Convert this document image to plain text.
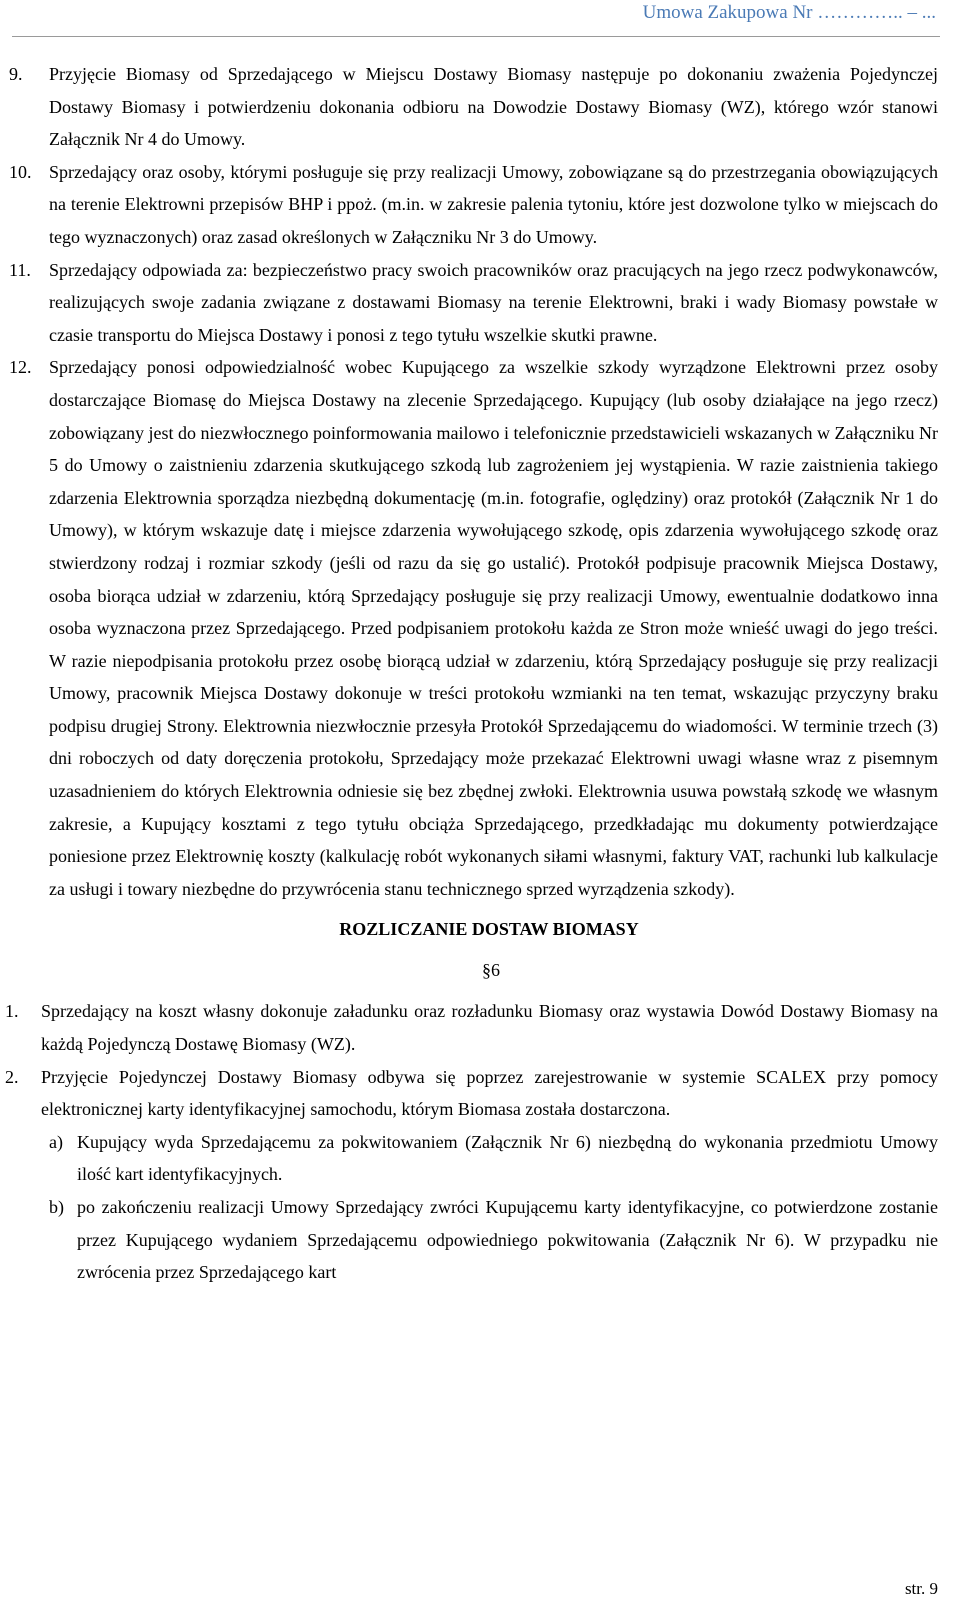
Umowa Zakupowa Nr ………….. – ...

9. Przyjęcie Biomasy od Sprzedającego w Miejscu Dostawy Biomasy następuje po dokonaniu zważenia Pojedynczej Dostawy Biomasy i potwierdzeniu dokonania odbioru na Dowodzie Dostawy Biomasy (WZ), którego wzór stanowi Załącznik Nr 4 do Umowy.

10. Sprzedający oraz osoby, którymi posługuje się przy realizacji Umowy, zobowiązane są do przestrzegania obowiązujących na terenie Elektrowni przepisów BHP i ppoż. (m.in. w zakresie palenia tytoniu, które jest dozwolone tylko w miejscach do tego wyznaczonych) oraz zasad określonych w Załączniku Nr 3 do Umowy.

11. Sprzedający odpowiada za: bezpieczeństwo pracy swoich pracowników oraz pracujących na jego rzecz podwykonawców, realizujących swoje zadania związane z dostawami Biomasy na terenie Elektrowni, braki i wady Biomasy powstałe w czasie transportu do Miejsca Dostawy i ponosi z tego tytułu wszelkie skutki prawne.

12. Sprzedający ponosi odpowiedzialność wobec Kupującego za wszelkie szkody wyrządzone Elektrowni przez osoby dostarczające Biomasę do Miejsca Dostawy na zlecenie Sprzedającego. Kupujący (lub osoby działające na jego rzecz) zobowiązany jest do niezwłocznego poinformowania mailowo i telefonicznie przedstawicieli wskazanych w Załączniku Nr 5 do Umowy o zaistnieniu zdarzenia skutkującego szkodą lub zagrożeniem jej wystąpienia. W razie zaistnienia takiego zdarzenia Elektrownia sporządza niezbędną dokumentację (m.in. fotografie, oględziny) oraz protokół (Załącznik Nr 1 do Umowy), w którym wskazuje datę i miejsce zdarzenia wywołującego szkodę, opis zdarzenia wywołującego szkodę oraz stwierdzony rodzaj i rozmiar szkody (jeśli od razu da się go ustalić). Protokół podpisuje pracownik Miejsca Dostawy, osoba biorąca udział w zdarzeniu, którą Sprzedający posługuje się przy realizacji Umowy, ewentualnie dodatkowo inna osoba wyznaczona przez Sprzedającego. Przed podpisaniem protokołu każda ze Stron może wnieść uwagi do jego treści. W razie niepodpisania protokołu przez osobę biorącą udział w zdarzeniu, którą Sprzedający posługuje się przy realizacji Umowy, pracownik Miejsca Dostawy dokonuje w treści protokołu wzmianki na ten temat, wskazując przyczyny braku podpisu drugiej Strony. Elektrownia niezwłocznie przesyła Protokół Sprzedającemu do wiadomości. W terminie trzech (3) dni roboczych od daty doręczenia protokołu, Sprzedający może przekazać Elektrowni uwagi własne wraz z pisemnym uzasadnieniem do których Elektrownia odniesie się bez zbędnej zwłoki. Elektrownia usuwa powstałą szkodę we własnym zakresie, a Kupujący kosztami z tego tytułu obciąża Sprzedającego, przedkładając mu dokumenty potwierdzające poniesione przez Elektrownię koszty (kalkulację robót wykonanych siłami własnymi, faktury VAT, rachunki lub kalkulacje za usługi i towary niezbędne do przywrócenia stanu technicznego sprzed wyrządzenia szkody).

ROZLICZANIE DOSTAW BIOMASY
§6

1. Sprzedający na koszt własny dokonuje załadunku oraz rozładunku Biomasy oraz wystawia Dowód Dostawy Biomasy na każdą Pojedynczą Dostawę Biomasy (WZ).

2. Przyjęcie Pojedynczej Dostawy Biomasy odbywa się poprzez zarejestrowanie w systemie SCALEX przy pomocy elektronicznej karty identyfikacyjnej samochodu, którym Biomasa została dostarczona.

a) Kupujący wyda Sprzedającemu za pokwitowaniem (Załącznik Nr 6) niezbędną do wykonania przedmiotu Umowy ilość kart identyfikacyjnych.

b) po zakończeniu realizacji Umowy Sprzedający zwróci Kupującemu karty identyfikacyjne, co potwierdzone zostanie przez Kupującego wydaniem Sprzedającemu odpowiedniego pokwitowania (Załącznik Nr 6). W przypadku nie zwrócenia przez Sprzedającego kart

str. 9
